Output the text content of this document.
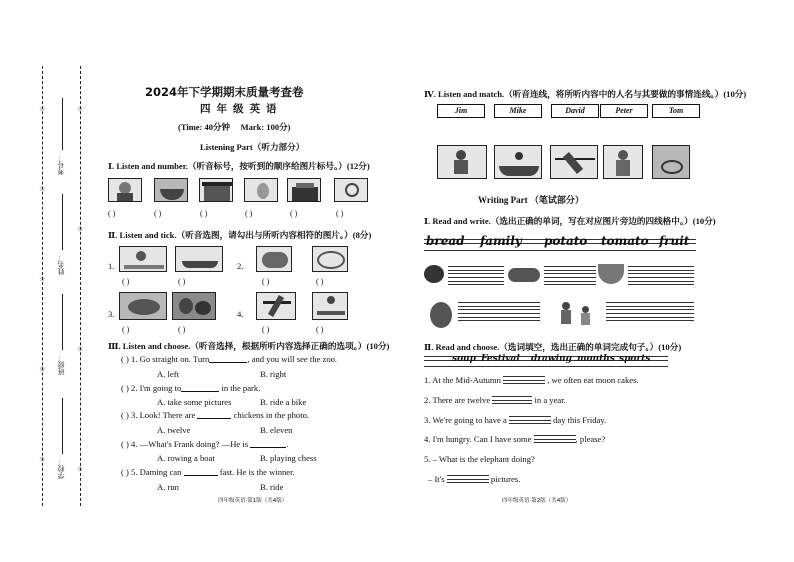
☆
☆
☆
☆
☆
☆
☆
☆
☆
考号：
姓名：
班级：
学校：
2024年下学期期末质量考查卷
四年级英语
(Time: 40分钟     Mark: 100分)
Listening Part（听力部分）
Ⅰ. Listen and number.（听音标号，按听到的顺序给图片标号。）(12分)
( )	( )	( )	( )	( )	( )
Ⅱ. Listen and tick.（听音选图，请勾出与所听内容相符的图片。）(8分)
1.	2.
( )	( )	( )	( )
3.	4.
( )	( )	( )	( )
Ⅲ. Listen and choose.（听音选择，根据所听内容选择正确的选项。）(10分)
( ) 1. Go straight on. Turn	, and you will see the zoo.
A. left	B. right
( ) 2. I'm going to	in the park.
A. take some pictures	B. ride a bike
( ) 3. Look! There are	chickens in the photo.
A. twelve	B. eleven
( ) 4. —What's Frank doing? —He is	.
A. rowing a boat	B. playing chess
( ) 5. Daming can	fast. He is the winner.
A. run	B. ride
四年级英语·第1版（共4版）
Ⅳ. Listen and match.（听音连线，将所听内容中的人名与其要做的事情连线。）(10分)
Jim	Mike	David	Peter	Tom
Writing Part （笔试部分）
Ⅰ. Read and write.（选出正确的单词，写在对应图片旁边的四线格中。）(10分)
bread family potato tomato fruit
Ⅱ. Read and choose.（选词填空，选出正确的单词完成句子。）(10分)
soup Festival drawing months sports
1. At the Mid-Autumn	, we often eat moon cakes.
2. There are twelve	in a year.
3. We're going to have a	day this Friday.
4. I'm hungry. Can I have some	, please?
5. – What is the elephant doing?
– It's	pictures.
四年级英语·第2版（共4版）
